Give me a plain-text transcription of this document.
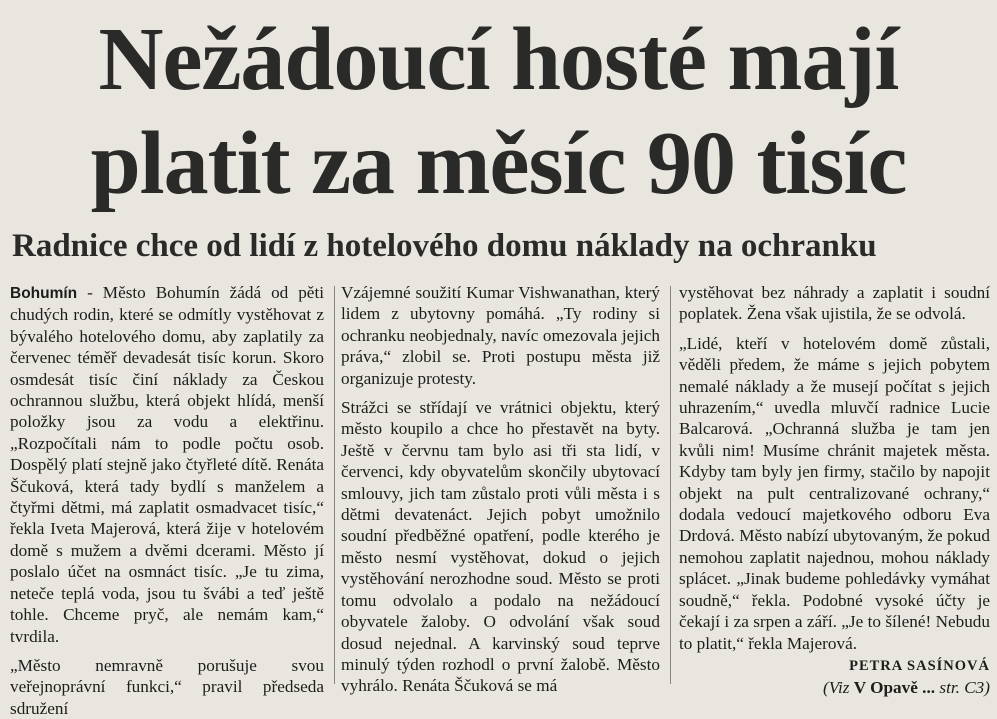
Nežádoucí hosté mají
platit za měsíc 90 tisíc
Radnice chce od lidí z hotelového domu náklady na ochranku

Bohumín - Město Bohumín žádá od pěti chudých rodin, které se odmítly vystěhovat z bývalého hotelového domu, aby zaplatily za červenec téměř devadesát tisíc korun. Skoro osmdesát tisíc činí náklady za Českou ochrannou službu, která objekt hlídá, menší položky jsou za vodu a elektřinu. „Rozpočítali nám to podle počtu osob. Dospělý platí stejně jako čtyřleté dítě. Renáta Ščuková, která tady bydlí s manželem a čtyřmi dětmi, má zaplatit osmadvacet tisíc,“ řekla Iveta Majerová, která žije v hotelovém domě s mužem a dvěmi dcerami. Město jí poslalo účet na osmnáct tisíc. „Je tu zima, neteče teplá voda, jsou tu švábi a teď ještě tohle. Chceme pryč, ale nemám kam,“ tvrdila.

„Město nemravně porušuje svou veřejnoprávní funkci,“ pravil předseda sdružení

Vzájemné soužití Kumar Vishwanathan, který lidem z ubytovny pomáhá. „Ty rodiny si ochranku neobjednaly, navíc omezovala jejich práva,“ zlobil se. Proti postupu města již organizuje protesty.

Strážci se střídají ve vrátnici objektu, který město koupilo a chce ho přestavět na byty. Ještě v červnu tam bylo asi tři sta lidí, v červenci, kdy obyvatelům skončily ubytovací smlouvy, jich tam zůstalo proti vůli města i s dětmi devatenáct. Jejich pobyt umožnilo soudní předběžné opatření, podle kterého je město nesmí vystěhovat, dokud o jejich vystěhování nerozhodne soud. Město se proti tomu odvolalo a podalo na nežádoucí obyvatele žaloby. O odvolání však soud dosud nejednal. A karvinský soud teprve minulý týden rozhodl o první žalobě. Město vyhrálo. Renáta Ščuková se má

vystěhovat bez náhrady a zaplatit i soudní poplatek. Žena však ujistila, že se odvolá.

„Lidé, kteří v hotelovém domě zůstali, věděli předem, že máme s jejich pobytem nemalé náklady a že musejí počítat s jejich uhrazením,“ uvedla mluvčí radnice Lucie Balcarová. „Ochranná služba je tam jen kvůli nim! Musíme chránit majetek města. Kdyby tam byly jen firmy, stačilo by napojit objekt na pult centralizované ochrany,“ dodala vedoucí majetkového odboru Eva Drdová. Město nabízí ubytovaným, že pokud nemohou zaplatit najednou, mohou náklady splácet. „Jinak budeme pohledávky vymáhat soudně,“ řekla. Podobné vysoké účty je čekají i za srpen a září. „Je to šílené! Nebudu to platit,“ řekla Majerová.

PETRA SASÍNOVÁ

(Viz V Opavě ... str. C3)
